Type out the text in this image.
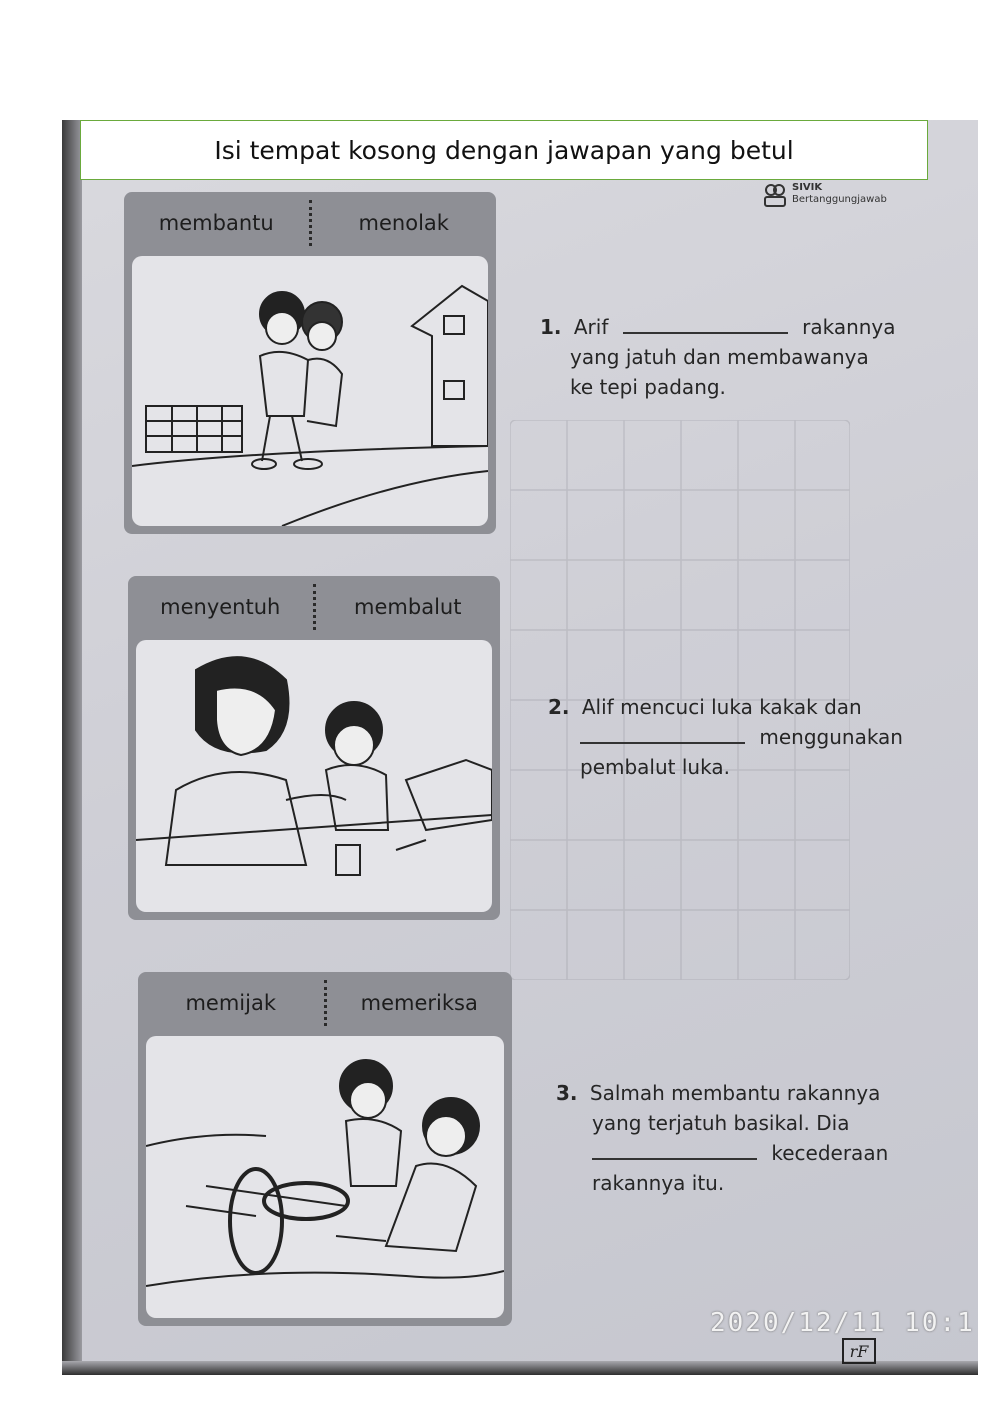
Isi tempat kosong dengan jawapan yang betul
SIVIK
Bertanggungjawab
membantu	menolak
menyentuh	membalut
memijak	memeriksa
1. Arif	rakannya
yang jatuh dan membawanya
ke tepi padang.
2. Alif mencuci luka kakak dan
menggunakan
pembalut luka.
3. Salmah membantu rakannya
yang terjatuh basikal. Dia
kecederaan
rakannya itu.
rF
2020/12/11 10:1
